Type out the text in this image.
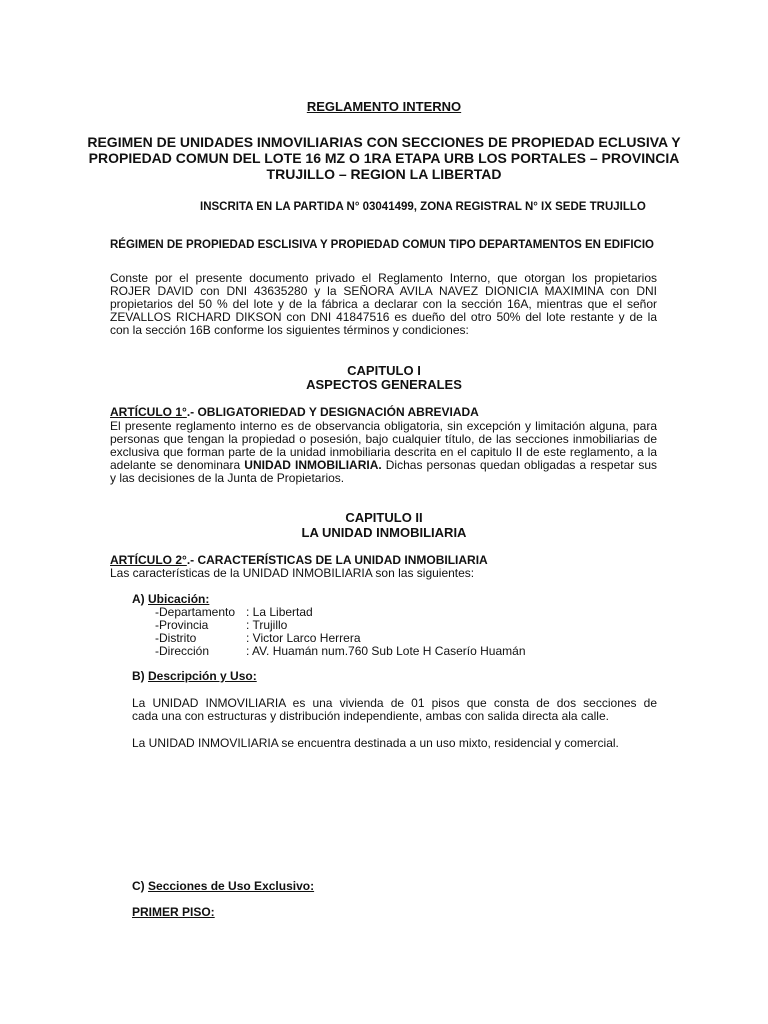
REGLAMENTO INTERNO
REGIMEN DE UNIDADES INMOVILIARIAS CON SECCIONES DE PROPIEDAD ECLUSIVA Y
PROPIEDAD COMUN DEL LOTE 16 MZ O 1RA ETAPA URB LOS PORTALES – PROVINCIA
TRUJILLO – REGION LA LIBERTAD
INSCRITA EN LA PARTIDA N° 03041499, ZONA REGISTRAL N° IX SEDE TRUJILLO
RÉGIMEN DE PROPIEDAD ESCLISIVA Y PROPIEDAD COMUN TIPO DEPARTAMENTOS EN EDIFICIO
Conste por el presente documento privado el Reglamento Interno, que otorgan los propietarios
ROJER DAVID con DNI 43635280 y la SEÑORA AVILA NAVEZ DIONICIA MAXIMINA con DNI
propietarios del 50 % del lote y de la fábrica a declarar con la sección 16A, mientras que el señor
ZEVALLOS RICHARD DIKSON con DNI 41847516 es dueño del otro 50% del lote restante y de la
con la sección 16B conforme los siguientes términos y condiciones:
CAPITULO I
ASPECTOS GENERALES
ARTÍCULO 1°.- OBLIGATORIEDAD Y DESIGNACIÓN ABREVIADA
El presente reglamento interno es de observancia obligatoria, sin excepción y limitación alguna, para
personas que tengan la propiedad o posesión, bajo cualquier título, de las secciones inmobiliarias de
exclusiva que forman parte de la unidad inmobiliaria descrita en el capitulo II de este reglamento, a la
adelante se denominara UNIDAD INMOBILIARIA. Dichas personas quedan obligadas a respetar sus
y las decisiones de la Junta de Propietarios.
CAPITULO II
LA UNIDAD INMOBILIARIA
ARTÍCULO 2°.- CARACTERÍSTICAS DE LA UNIDAD INMOBILIARIA
Las características de la UNIDAD INMOBILIARIA son las siguientes:
A) Ubicación:
-Departamento : La Libertad
-Provincia	: Trujillo
-Distrito	: Victor Larco Herrera
-Dirección	: AV. Huamán num.760 Sub Lote H Caserío Huamán
B) Descripción y Uso:
La UNIDAD INMOVILIARIA es una vivienda de 01 pisos que consta de dos secciones de
cada una con estructuras y distribución independiente, ambas con salida directa ala calle.
La UNIDAD INMOVILIARIA se encuentra destinada a un uso mixto, residencial y comercial.
C) Secciones de Uso Exclusivo:
PRIMER PISO:
